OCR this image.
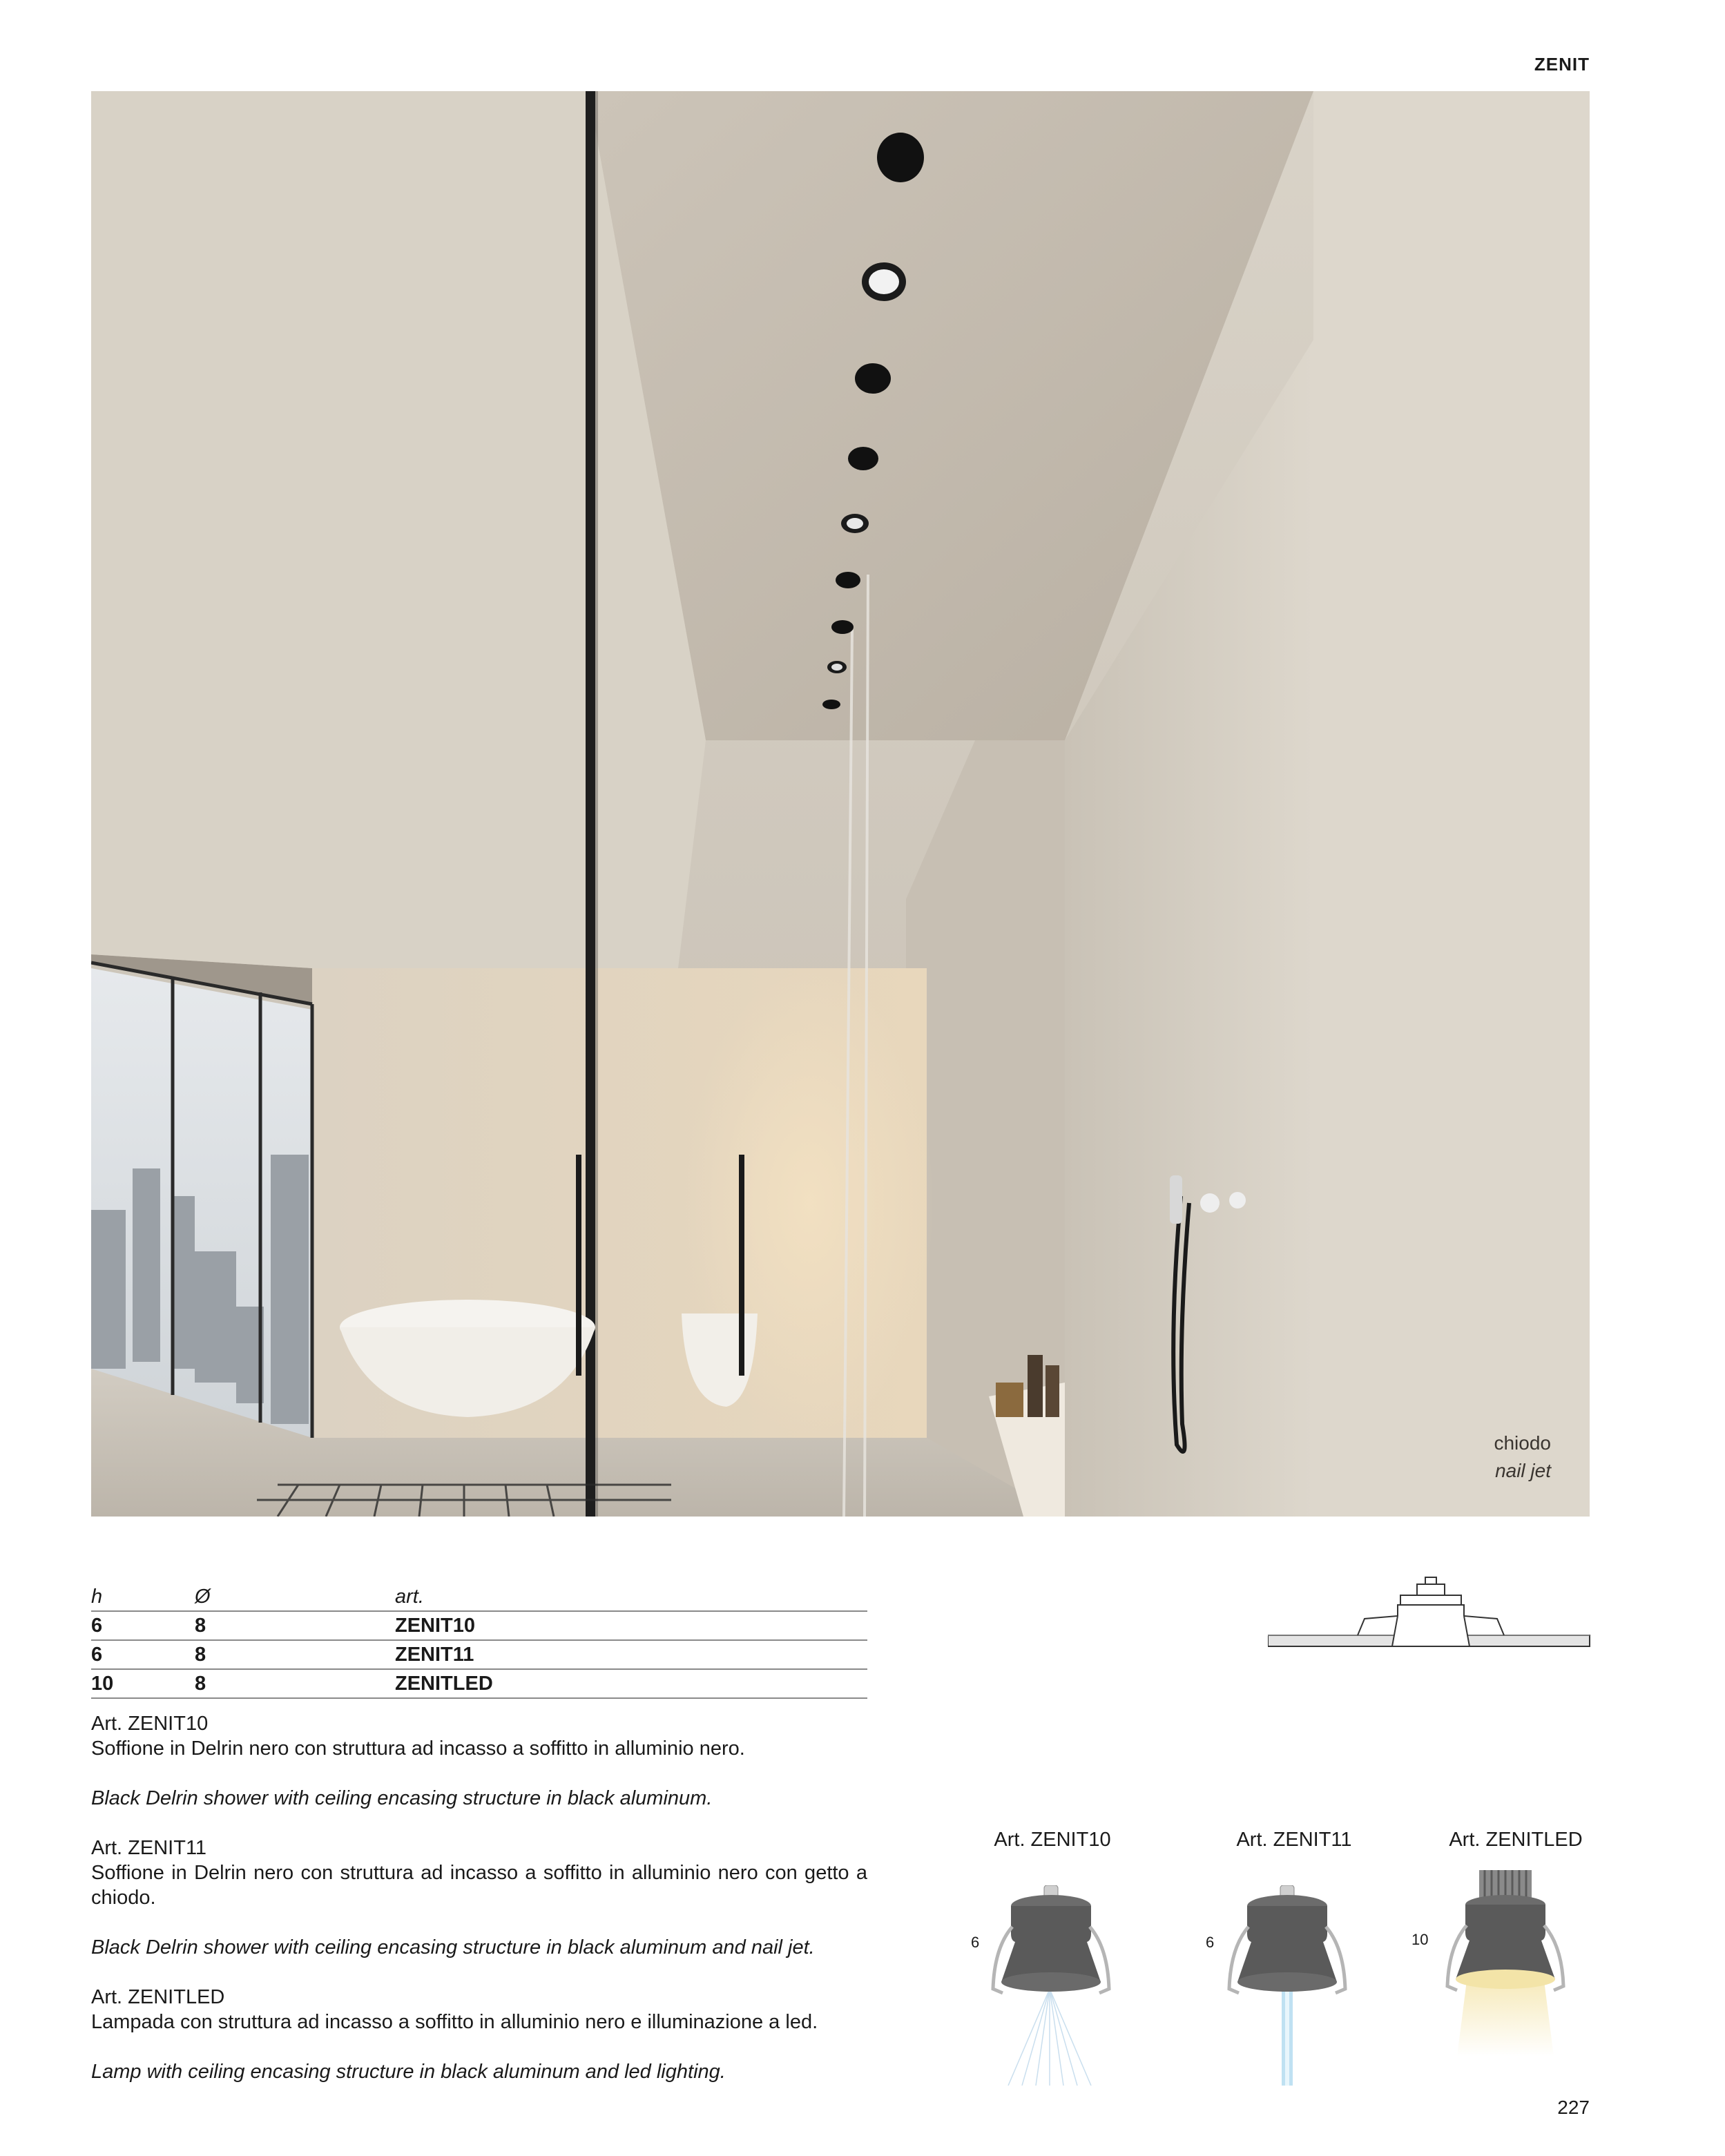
ZENIT
chiodo
nail jet
h	Ø	art.
6	8	ZENIT10
6	8	ZENIT11
10	8	ZENITLED

Art. ZENIT10

Soffione in Delrin nero con struttura ad incasso a soffitto in alluminio nero.

Black Delrin shower with ceiling encasing structure in black aluminum.

Art. ZENIT11

Soffione in Delrin nero con struttura ad incasso a soffitto in alluminio nero con getto a chiodo.

Black Delrin shower with ceiling encasing structure in black aluminum and nail jet.

Art. ZENITLED

Lampada con struttura ad incasso a soffitto in alluminio nero e illuminazione a led.

Lamp with ceiling encasing structure in black aluminum and led lighting.

Art. ZENIT10	Art. ZENIT11	Art. ZENITLED
6	6	10
227
